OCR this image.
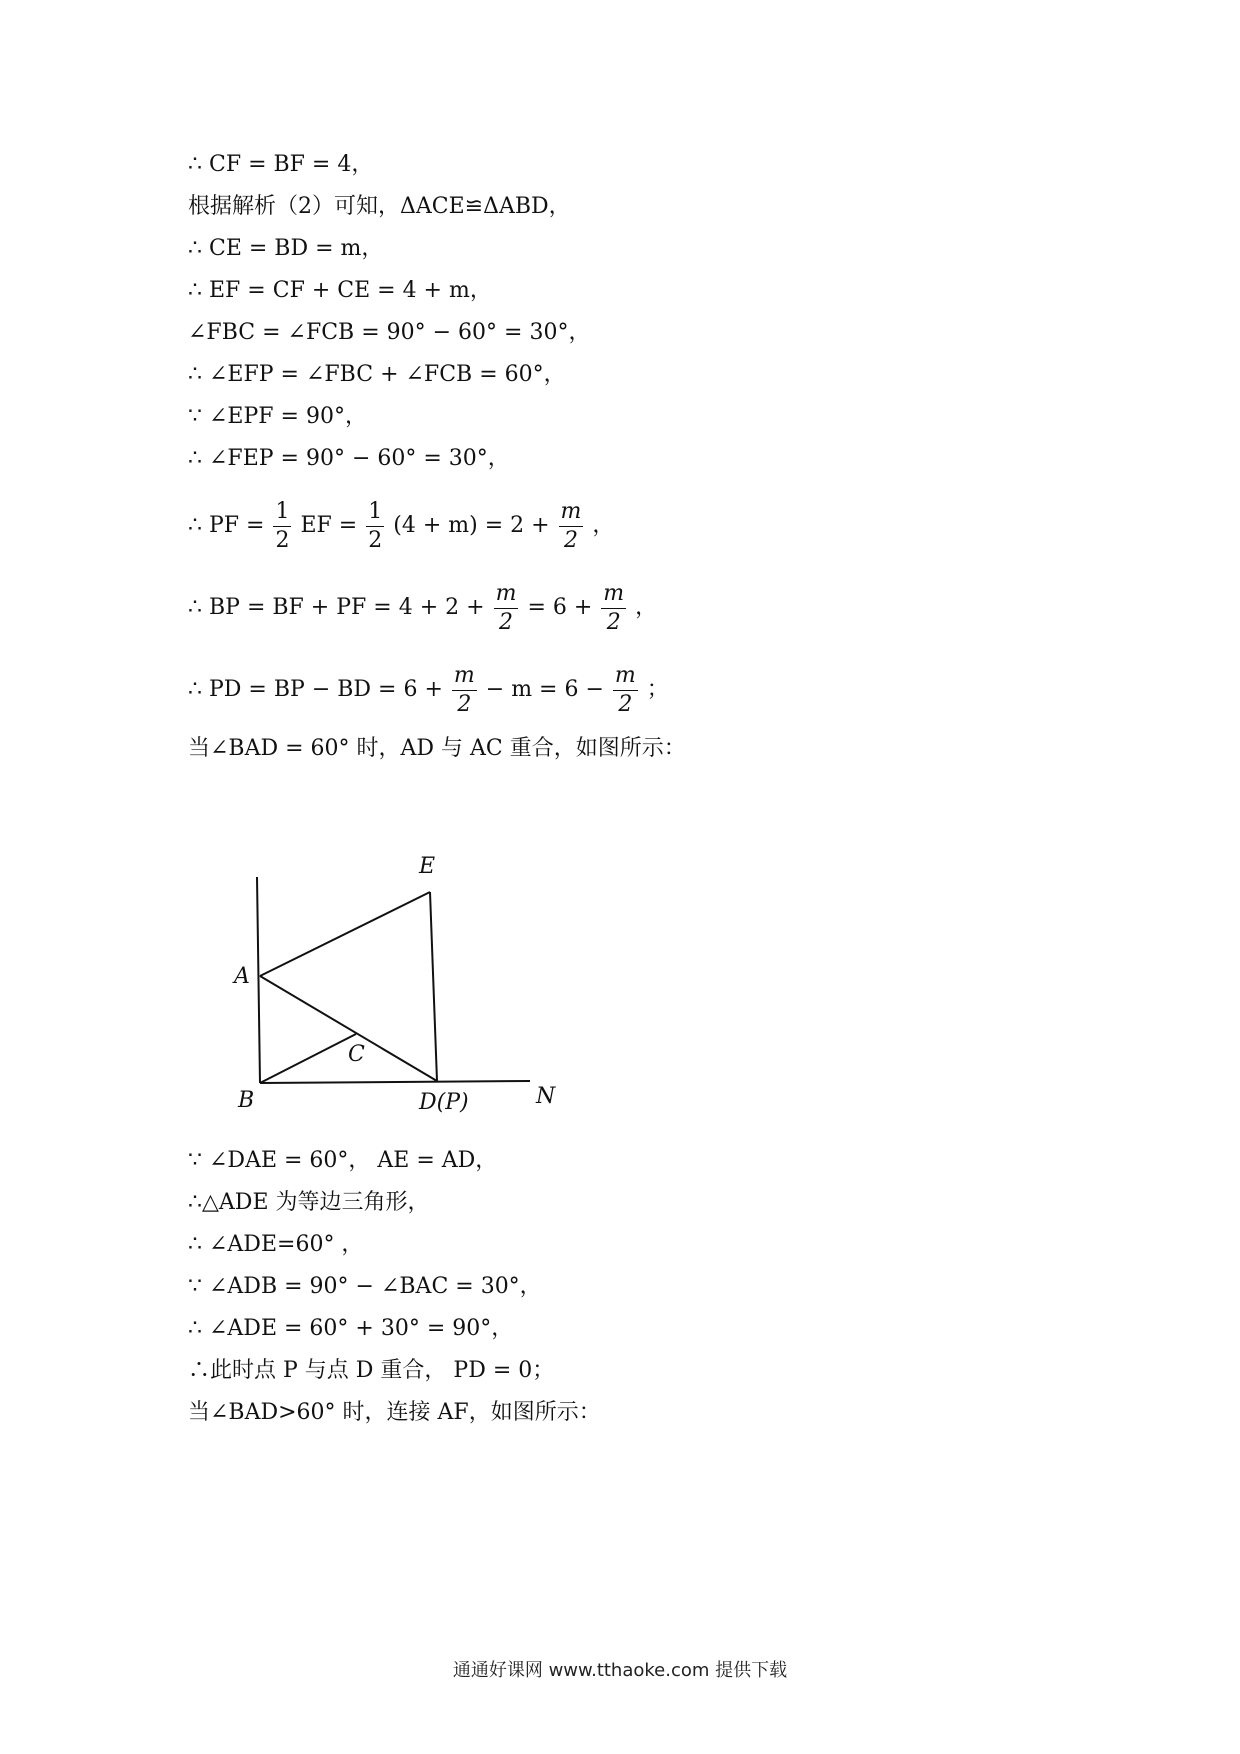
∴ CF = BF = 4，
根据解析（2）可知，ΔACE≌ΔABD，
∴ CE = BD = m，
∴ EF = CF + CE = 4 + m，
∠FBC = ∠FCB = 90° − 60° = 30°，
∴ ∠EFP = ∠FBC + ∠FCB = 60°，
∵ ∠EPF = 90°，
∴ ∠FEP = 90° − 60° = 30°，
∴ PF = $\frac{1}{2}$ EF = $\frac{1}{2} (4 + m) = 2 + \frac{m}{2}$ ，
∴ BP = BF + PF = $4 + 2 + \frac{m}{2} = 6 + \frac{m}{2}$ ，
∴ PD = BP − BD = $6 + \frac{m}{2} - m = 6 - \frac{m}{2}$ ；
当∠BAD = 60° 时，AD 与 AC 重合，如图所示：
E
A
C
B	D(P)	N
∵ ∠DAE = 60°， AE = AD，
∴△ADE 为等边三角形，
∴ ∠ADE=60° ，
∵ ∠ADB = 90° − ∠BAC = 30°，
∴ ∠ADE = 60° + 30° = 90°，
∴此时点 P 与点 D 重合， PD = 0；
当∠BAD>60° 时，连接 AF，如图所示：
通通好课网 www.tthaoke.com 提供下载
